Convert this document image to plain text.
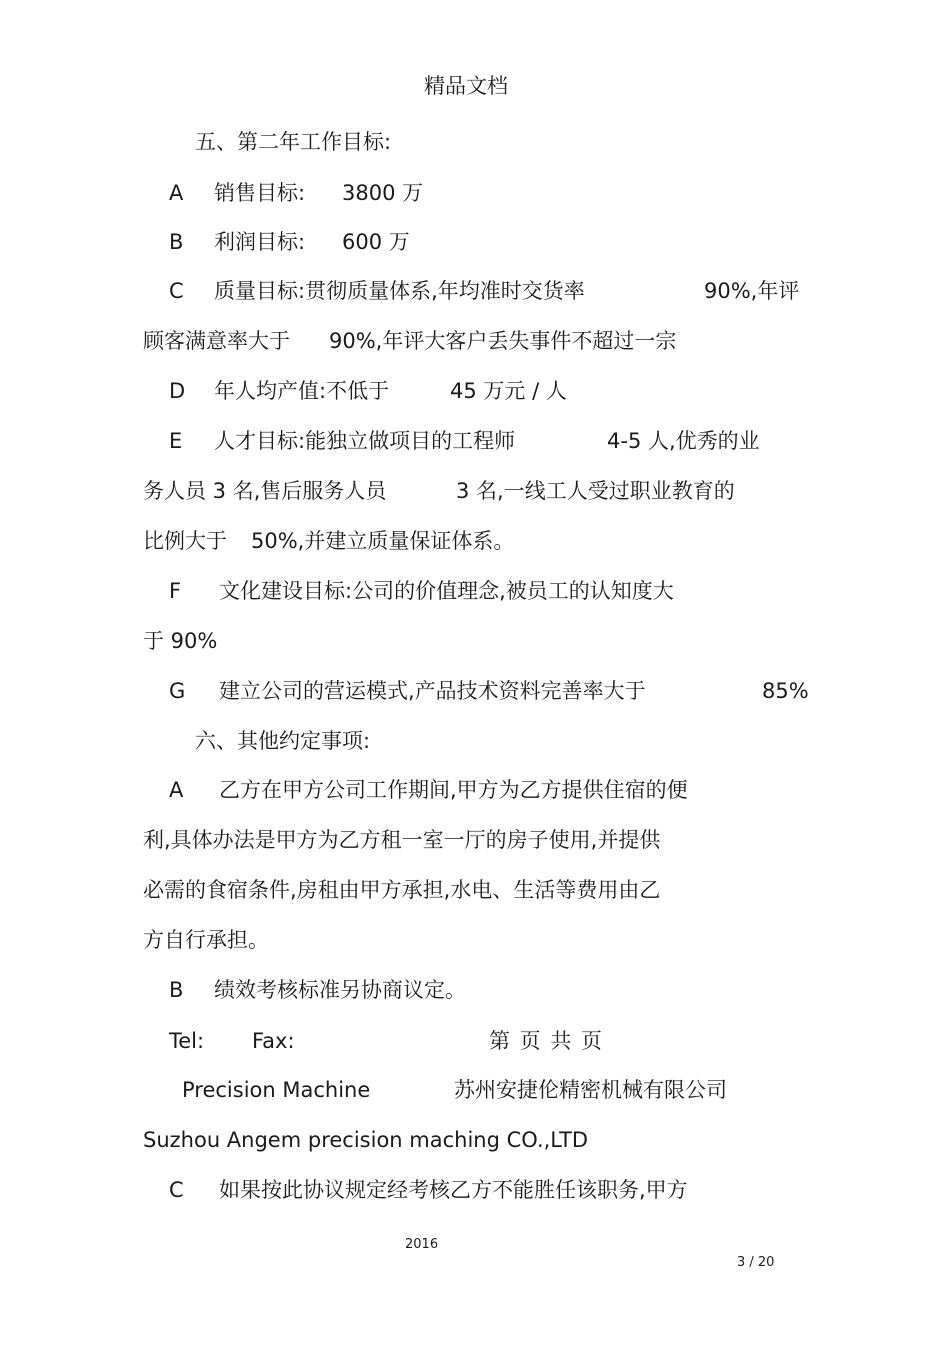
精品文档
五、第二年工作目标:
A 销售目标: 3800 万
B 利润目标: 600 万
C 质量目标:贯彻质量体系,年均准时交货率	90%,年评
顾客满意率大于 90%,年评大客户丢失事件不超过一宗
D 年人均产值:不低于	45 万元 / 人
E 人才目标:能独立做项目的工程师	4-5 人,优秀的业
务人员 3 名,售后服务人员	3 名,一线工人受过职业教育的
比例大于 50%,并建立质量保证体系。
F 文化建设目标:公司的价值理念,被员工的认知度大
于 90%
G 建立公司的营运模式,产品技术资料完善率大于	85%
六、其他约定事项:
A 乙方在甲方公司工作期间,甲方为乙方提供住宿的便
利,具体办法是甲方为乙方租一室一厅的房子使用,并提供
必需的食宿条件,房租由甲方承担,水电、生活等费用由乙
方自行承担。
B 绩效考核标准另协商议定。
Tel: Fax:	第 页 共 页
Precision Machine	苏州安捷伦精密机械有限公司
Suzhou Angem precision maching CO.,LTD
C 如果按此协议规定经考核乙方不能胜任该职务,甲方
2016
3 / 20
